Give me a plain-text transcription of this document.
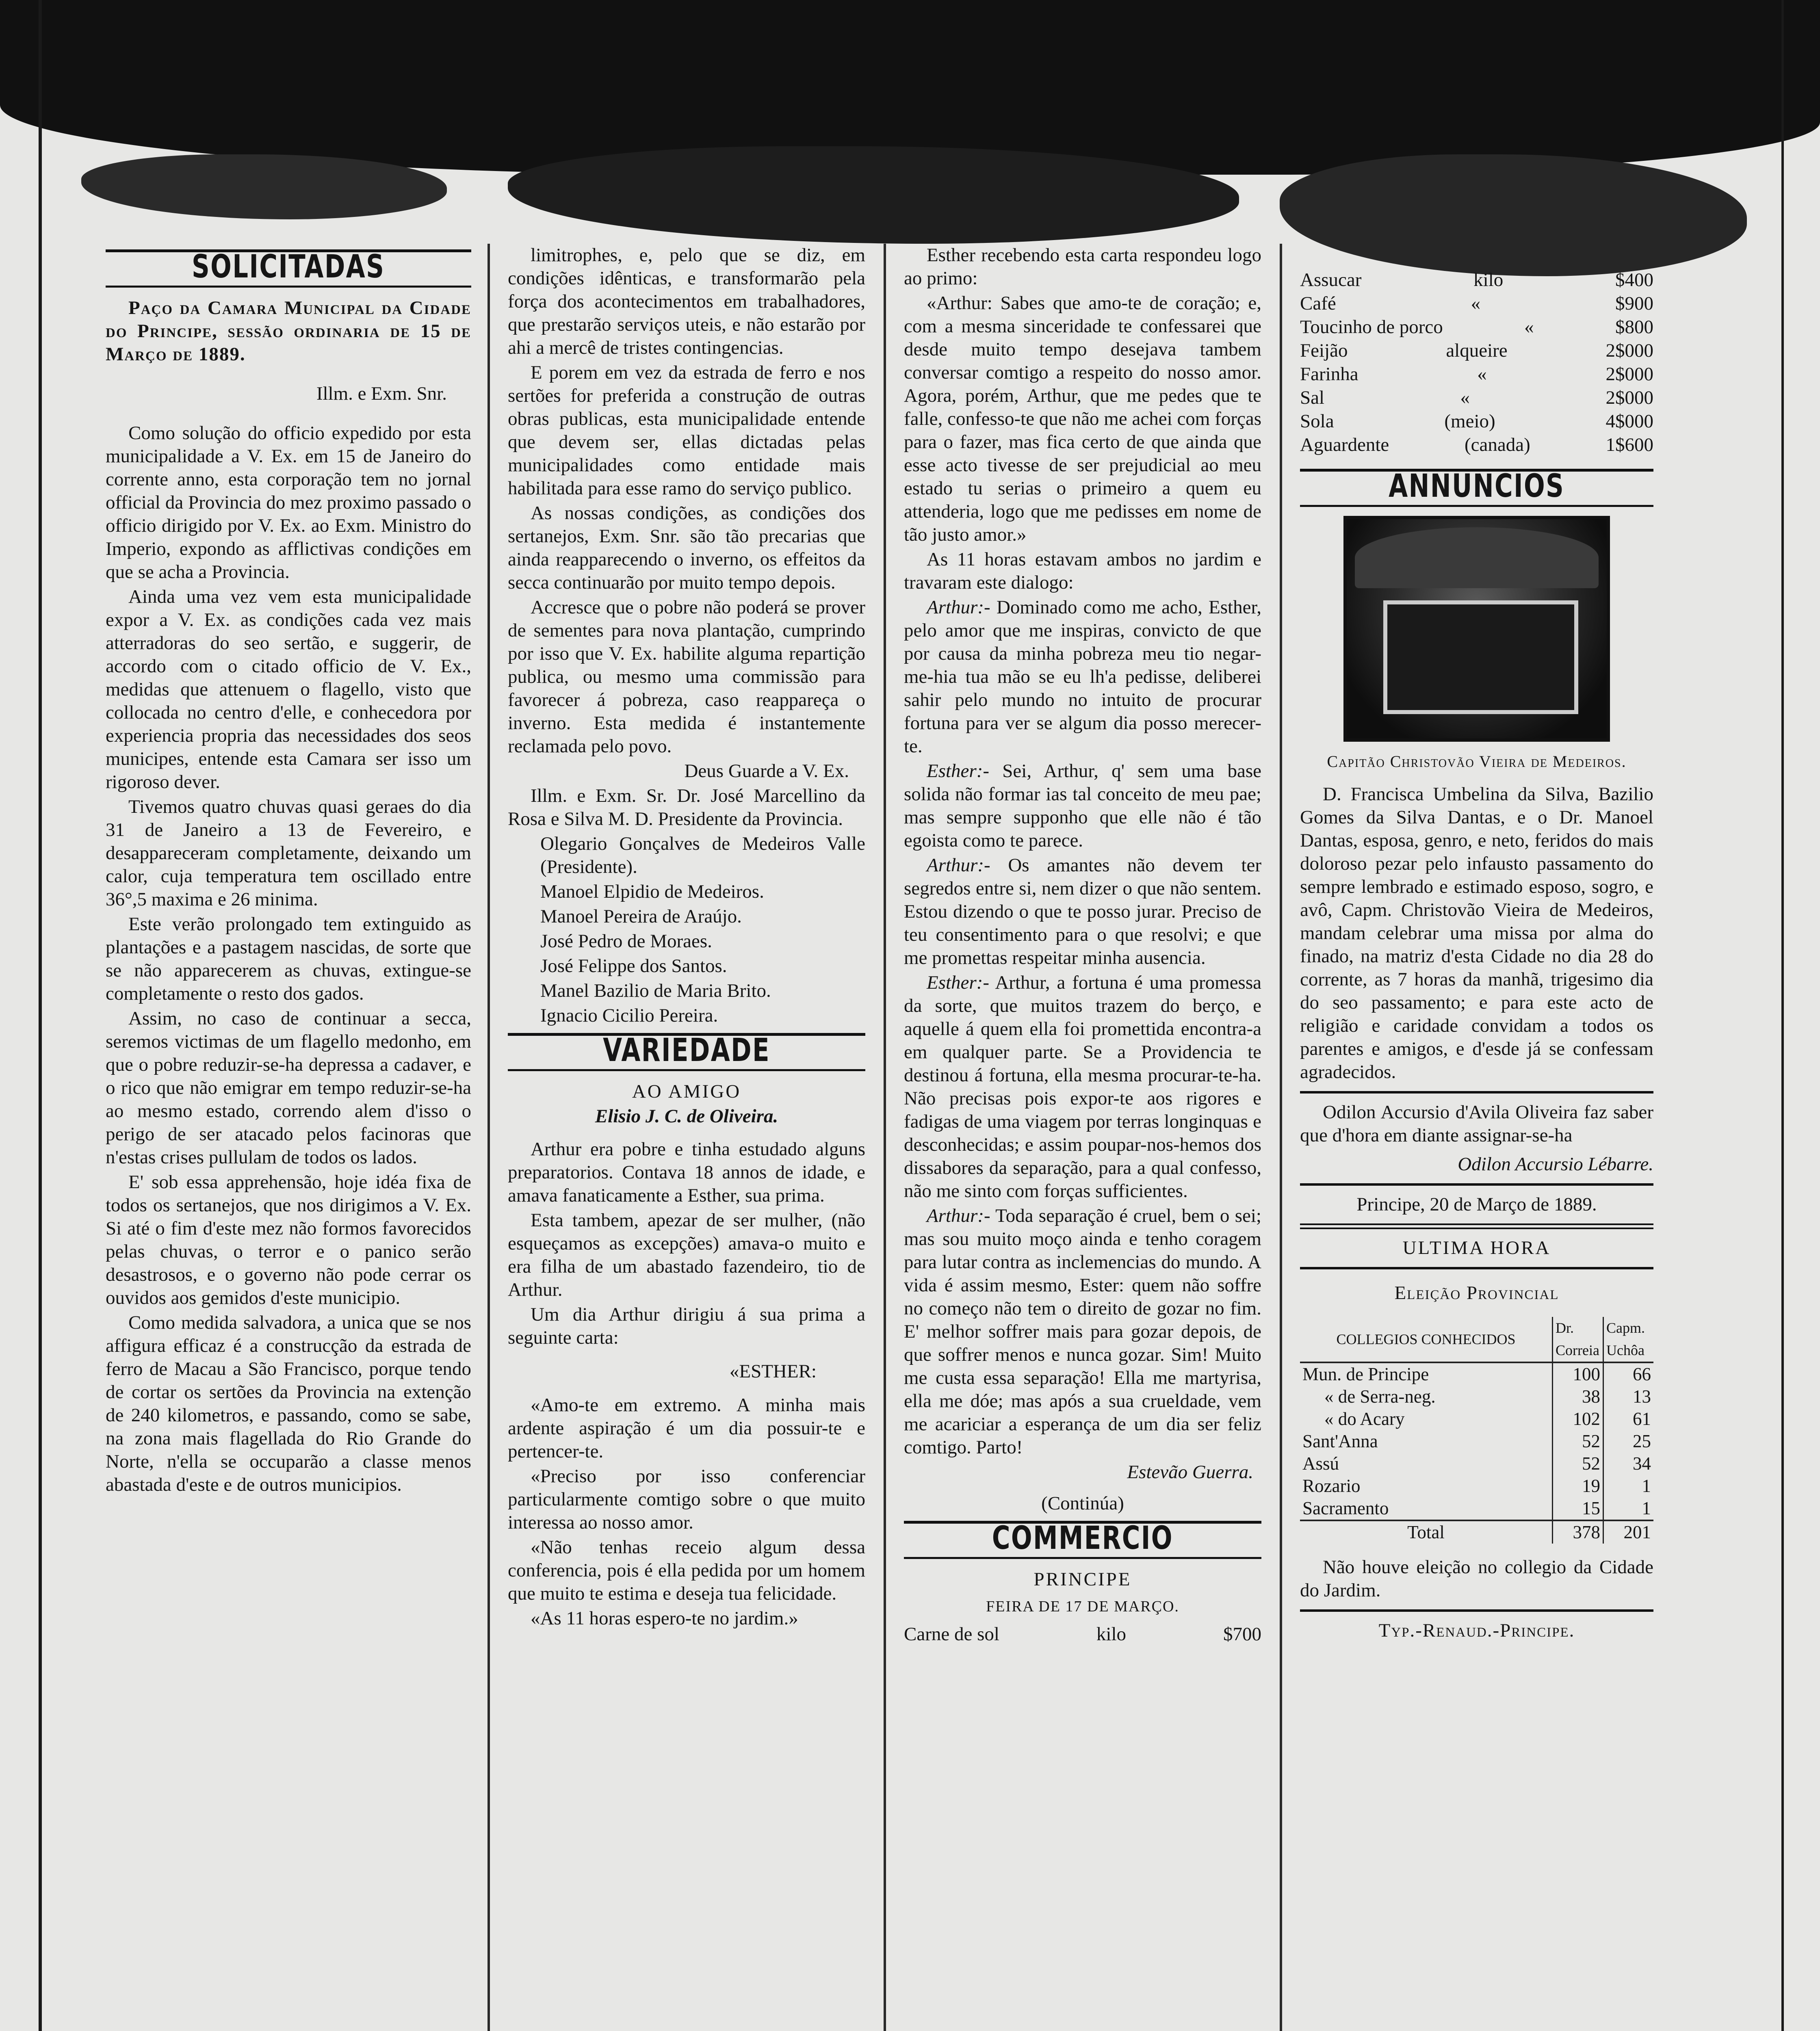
SOLICITADAS

Paço da Camara Municipal da Cidade do Principe, sessão ordinaria de 15 de Março de 1889.

Illm. e Exm. Snr.

Como solução do officio expedido por esta municipalidade a V. Ex. em 15 de Janeiro do corrente anno, esta corporação tem no jornal official da Provincia do mez proximo passado o officio dirigido por V. Ex. ao Exm. Ministro do Imperio, expondo as afflictivas condições em que se acha a Provincia.

Ainda uma vez vem esta municipalidade expor a V. Ex. as condições cada vez mais atterradoras do seo sertão, e suggerir, de accordo com o citado officio de V. Ex., medidas que attenuem o flagello, visto que collocada no centro d'elle, e conhecedora por experiencia propria das necessidades dos seos municipes, entende esta Camara ser isso um rigoroso dever.

Tivemos quatro chuvas quasi geraes do dia 31 de Janeiro a 13 de Fevereiro, e desappareceram completamente, deixando um calor, cuja temperatura tem oscillado entre 36°,5 maxima e 26 minima.

Este verão prolongado tem extinguido as plantações e a pastagem nascidas, de sorte que se não apparecerem as chuvas, extingue-se completamente o resto dos gados.

Assim, no caso de continuar a secca, seremos victimas de um flagello medonho, em que o pobre reduzir-se-ha depressa a cadaver, e o rico que não emigrar em tempo reduzir-se-ha ao mesmo estado, correndo alem d'isso o perigo de ser atacado pelos facinoras que n'estas crises pullulam de todos os lados.

E' sob essa apprehensão, hoje idéa fixa de todos os sertanejos, que nos dirigimos a V. Ex. Si até o fim d'este mez não formos favorecidos pelas chuvas, o terror e o panico serão desastrosos, e o governo não pode cerrar os ouvidos aos gemidos d'este municipio.

Como medida salvadora, a unica que se nos affigura efficaz é a construcção da estrada de ferro de Macau a São Francisco, porque tendo de cortar os sertões da Provincia na extenção de 240 kilometros, e passando, como se sabe, na zona mais flagellada do Rio Grande do Norte, n'ella se occuparão a classe menos abastada d'este e de outros municipios.

limitrophes, e, pelo que se diz, em condições idênticas, e transformarão pela força dos acontecimentos em trabalhadores, que prestarão serviços uteis, e não estarão por ahi a mercê de tristes contingencias.

E porem em vez da estrada de ferro e nos sertões for preferida a construção de outras obras publicas, esta municipalidade entende que devem ser, ellas dictadas pelas municipalidades como entidade mais habilitada para esse ramo do serviço publico.

As nossas condições, as condições dos sertanejos, Exm. Snr. são tão precarias que ainda reapparecendo o inverno, os effeitos da secca continuarão por muito tempo depois.

Accresce que o pobre não poderá se prover de sementes para nova plantação, cumprindo por isso que V. Ex. habilite alguma repartição publica, ou mesmo uma commissão para favorecer á pobreza, caso reappareça o inverno. Esta medida é instantemente reclamada pelo povo.

Deus Guarde a V. Ex.

Illm. e Exm. Sr. Dr. José Marcellino da Rosa e Silva M. D. Presidente da Provincia.

Olegario Gonçalves de Medeiros Valle (Presidente).

Manoel Elpidio de Medeiros.

Manoel Pereira de Araújo.

José Pedro de Moraes.

José Felippe dos Santos.

Manel Bazilio de Maria Brito.

Ignacio Cicilio Pereira.

VARIEDADE

AO AMIGO

Elisio J. C. de Oliveira.

Arthur era pobre e tinha estudado alguns preparatorios. Contava 18 annos de idade, e amava fanaticamente a Esther, sua prima.

Esta tambem, apezar de ser mulher, (não esqueçamos as excepções) amava-o muito e era filha de um abastado fazendeiro, tio de Arthur.

Um dia Arthur dirigiu á sua prima a seguinte carta:

«ESTHER:

«Amo-te em extremo. A minha mais ardente aspiração é um dia possuir-te e pertencer-te.

«Preciso por isso conferenciar particularmente comtigo sobre o que muito interessa ao nosso amor.

«Não tenhas receio algum dessa conferencia, pois é ella pedida por um homem que muito te estima e deseja tua felicidade.

«As 11 horas espero-te no jardim.»

Esther recebendo esta carta respondeu logo ao primo:

«Arthur: Sabes que amo-te de coração; e, com a mesma sinceridade te confessarei que desde muito tempo desejava tambem conversar comtigo a respeito do nosso amor. Agora, porém, Arthur, que me pedes que te falle, confesso-te que não me achei com forças para o fazer, mas fica certo de que ainda que esse acto tivesse de ser prejudicial ao meu estado tu serias o primeiro a quem eu attenderia, logo que me pedisses em nome de tão justo amor.»

As 11 horas estavam ambos no jardim e travaram este dialogo:

Arthur:- Dominado como me acho, Esther, pelo amor que me inspiras, convicto de que por causa da minha pobreza meu tio negar-me-hia tua mão se eu lh'a pedisse, deliberei sahir pelo mundo no intuito de procurar fortuna para ver se algum dia posso merecer-te.

Esther:- Sei, Arthur, q' sem uma base solida não formar ias tal conceito de meu pae; mas sempre supponho que elle não é tão egoista como te parece.

Arthur:- Os amantes não devem ter segredos entre si, nem dizer o que não sentem. Estou dizendo o que te posso jurar. Preciso de teu consentimento para o que resolvi; e que me promettas respeitar minha ausencia.

Esther:- Arthur, a fortuna é uma promessa da sorte, que muitos trazem do berço, e aquelle á quem ella foi promettida encontra-a em qualquer parte. Se a Providencia te destinou á fortuna, ella mesma procurar-te-ha. Não precisas pois expor-te aos rigores e fadigas de uma viagem por terras longinquas e desconhecidas; e assim poupar-nos-hemos dos dissabores da separação, para a qual confesso, não me sinto com forças sufficientes.

Arthur:- Toda separação é cruel, bem o sei; mas sou muito moço ainda e tenho coragem para lutar contra as inclemencias do mundo. A vida é assim mesmo, Ester: quem não soffre no começo não tem o direito de gozar no fim. E' melhor soffrer mais para gozar depois, de que soffrer menos e nunca gozar. Sim! Muito me custa essa separação! Ella me martyrisa, ella me dóe; mas após a sua crueldade, vem me acariciar a esperança de um dia ser feliz comtigo. Parto!

Estevão Guerra.

(Continúa)

COMMERCIO

PRINCIPE

FEIRA DE 17 DE MARÇO.

Carne de sol	kilo	$700
Assucar	kilo	$400
Café	«	$900
Toucinho de porco	«	$800
Feijão	alqueire	2$000
Farinha	«	2$000
Sal	«	2$000
Sola	(meio)	4$000
Aguardente	(canada)	1$600
ANNUNCIOS

Capitão Christovão Vieira de Medeiros.

D. Francisca Umbelina da Silva, Bazilio Gomes da Silva Dantas, e o Dr. Manoel Dantas, esposa, genro, e neto, feridos do mais doloroso pezar pelo infausto passamento do sempre lembrado e estimado esposo, sogro, e avô, Capm. Christovão Vieira de Medeiros, mandam celebrar uma missa por alma do finado, na matriz d'esta Cidade no dia 28 do corrente, as 7 horas da manhã, trigesimo dia do seo passamento; e para este acto de religião e caridade convidam a todos os parentes e amigos, e d'esde já se confessam agradecidos.

Odilon Accursio d'Avila Oliveira faz saber que d'hora em diante assignar-se-ha

Odilon Accursio Lébarre.

Principe, 20 de Março de 1889.

ULTIMA HORA

Eleição Provincial

COLLEGIOS CONHECIDOS	Dr. Correia	Capm. Uchôa
Mun. de Principe	100	66
« de Serra-neg.	38	13
« do Acary	102	61
Sant'Anna	52	25
Assú	52	34
Rozario	19	1
Sacramento	15	1
Total	378	201

Não houve eleição no collegio da Cidade do Jardim.

Typ.-Renaud.-Principe.
